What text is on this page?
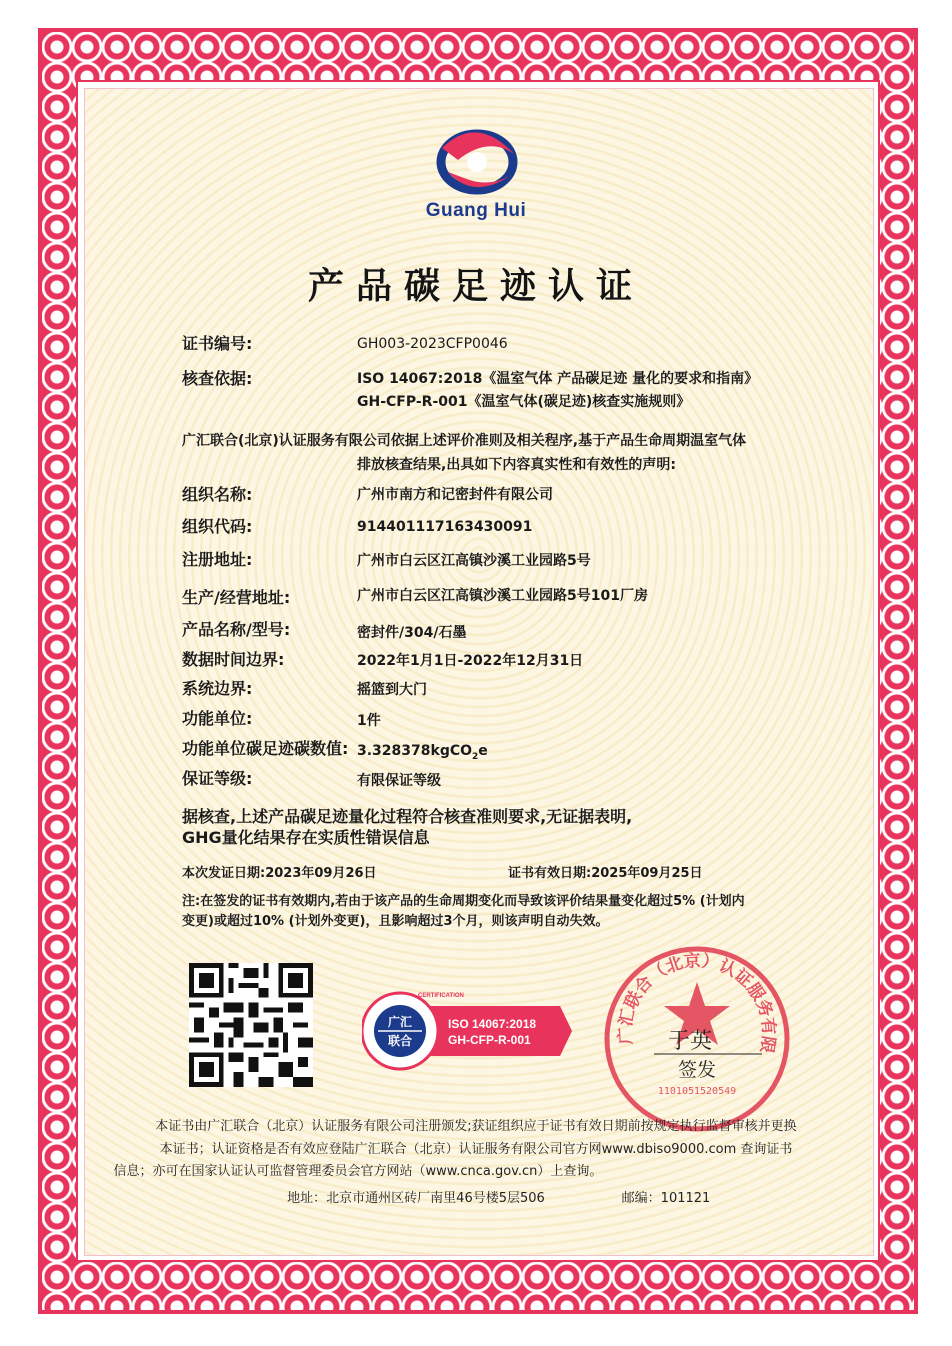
Guang Hui
产品碳足迹认证
证书编号:	GH003-2023CFP0046
核查依据:	ISO 14067:2018《温室气体 产品碳足迹 量化的要求和指南》
GH-CFP-R-001《温室气体(碳足迹)核查实施规则》
广汇联合(北京)认证服务有限公司依据上述评价准则及相关程序,基于产品生命周期温室气体
排放核查结果,出具如下内容真实性和有效性的声明:
组织名称:	广州市南方和记密封件有限公司
组织代码:	914401117163430091
注册地址:	广州市白云区江高镇沙溪工业园路5号
生产/经营地址:	广州市白云区江高镇沙溪工业园路5号101厂房
产品名称/型号:	密封件/304/石墨
数据时间边界:	2022年1月1日-2022年12月31日
系统边界:	摇篮到大门
功能单位:	1件
功能单位碳足迹碳数值: 3.328378kgCO$_2$e
保证等级:	有限保证等级
据核查,上述产品碳足迹量化过程符合核查准则要求,无证据表明,
GHG量化结果存在实质性错误信息
本次发证日期:2023年09月26日	证书有效日期:2025年09月25日
注:在签发的证书有效期内,若由于该产品的生命周期变化而导致该评价结果量变化超过5% (计划内
变更)或超过10% (计划外变更)，且影响超过3个月，则该声明自动失效。
广汇
联合
CERTIFICATION
ISO 14067:2018
GH-CFP-R-001	广汇联合（北京）认证服务有限
1101051520549
于英
签发
本证书由广汇联合（北京）认证服务有限公司注册颁发;获证组织应于证书有效日期前按规定执行监督审核并更换
本证书；认证资格是否有效应登陆广汇联合（北京）认证服务有限公司官方网www.dbiso9000.com 查询证书
信息；亦可在国家认证认可监督管理委员会官方网站（www.cnca.gov.cn）上查询。
地址：北京市通州区砖厂南里46号楼5层506	邮编：101121
